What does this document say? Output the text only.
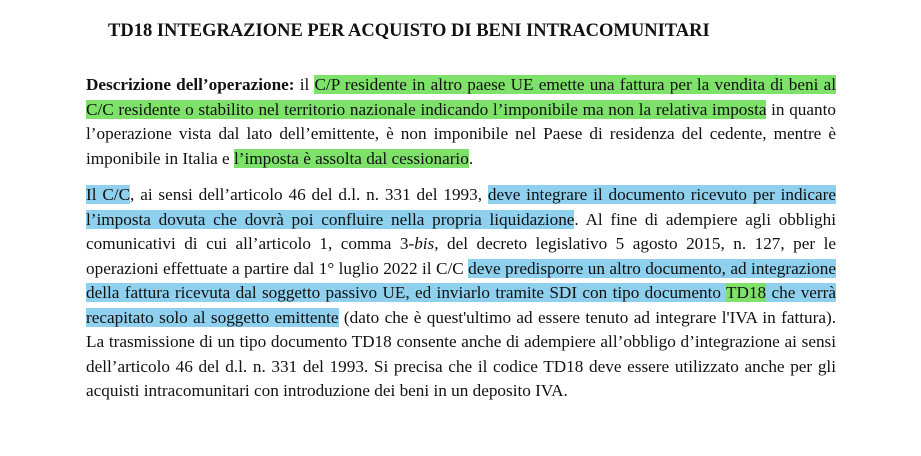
TD18 INTEGRAZIONE PER ACQUISTO DI BENI INTRACOMUNITARI

Descrizione dell’operazione: il C/P residente in altro paese UE emette una fattura per la vendita di beni al C/C residente o stabilito nel territorio nazionale indicando l’imponibile ma non la relativa imposta in quanto l’operazione vista dal lato dell’emittente, è non imponibile nel Paese di residenza del cedente, mentre è imponibile in Italia e l’imposta è assolta dal cessionario.

Il C/C, ai sensi dell’articolo 46 del d.l. n. 331 del 1993, deve integrare il documento ricevuto per indicare l’imposta dovuta che dovrà poi confluire nella propria liquidazione. Al fine di adempiere agli obblighi comunicativi di cui all’articolo 1, comma 3-bis, del decreto legislativo 5 agosto 2015, n. 127, per le operazioni effettuate a partire dal 1° luglio 2022 il C/C deve predisporre un altro documento, ad integrazione della fattura ricevuta dal soggetto passivo UE, ed inviarlo tramite SDI con tipo documento TD18 che verrà recapitato solo al soggetto emittente (dato che è quest'ultimo ad essere tenuto ad integrare l'IVA in fattura). La trasmissione di un tipo documento TD18 consente anche di adempiere all’obbligo d’integrazione ai sensi dell’articolo 46 del d.l. n. 331 del 1993. Si precisa che il codice TD18 deve essere utilizzato anche per gli acquisti intracomunitari con introduzione dei beni in un deposito IVA.
